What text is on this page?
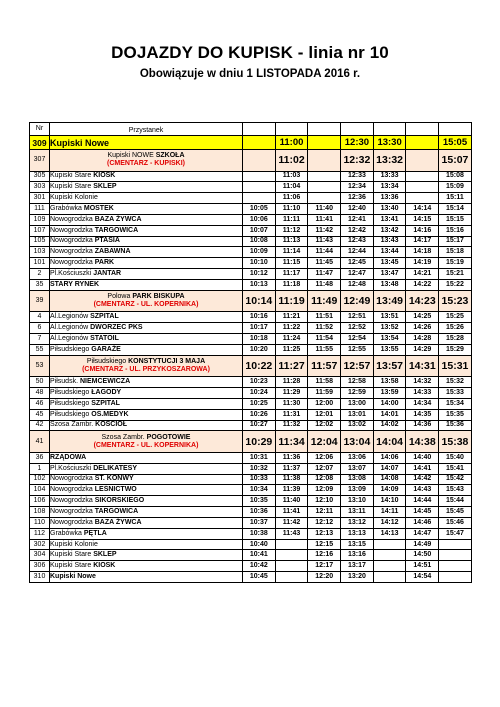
DOJAZDY DO KUPISK - linia nr 10
Obowiązuje w dniu 1 LISTOPADA 2016 r.
Nr	Przystanek							
309	Kupiski Nowe		11:00		12:30	13:30		15:05
307	Kupiski NOWE SZKOŁA
(CMENTARZ - KUPISKI)		11:02		12:32	13:32		15:07
305	Kupiski Stare KIOSK		11:03		12:33	13:33		15:08
303	Kupiski Stare SKLEP		11:04		12:34	13:34		15:09
301	Kupiski Kolonie		11:06		12:36	13:36		15:11
111	Grabówka MOSTEK	10:05	11:10	11:40	12:40	13:40	14:14	15:14
109	Nowogrodzka BAZA ŻYWCA	10:06	11:11	11:41	12:41	13:41	14:15	15:15
107	Nowogrodzka TARGOWICA	10:07	11:12	11:42	12:42	13:42	14:16	15:16
105	Nowogrodzka PTASIA	10:08	11:13	11:43	12:43	13:43	14:17	15:17
103	Nowogrodzka ZABAWNA	10:09	11:14	11:44	12:44	13:44	14:18	15:18
101	Nowogrodzka PARK	10:10	11:15	11:45	12:45	13:45	14:19	15:19
2	Pl.Kościuszki JANTAR	10:12	11:17	11:47	12:47	13:47	14:21	15:21
35	STARY RYNEK	10:13	11:18	11:48	12:48	13:48	14:22	15:22
39	Polowa PARK BISKUPA
(CMENTARZ - UL. KOPERNIKA)	10:14	11:19	11:49	12:49	13:49	14:23	15:23
4	Al.Legionów SZPITAL	10:16	11:21	11:51	12:51	13:51	14:25	15:25
6	Al.Legionów DWORZEC PKS	10:17	11:22	11:52	12:52	13:52	14:26	15:26
7	Al.Legionów STATOIL	10:18	11:24	11:54	12:54	13:54	14:28	15:28
55	Piłsudskiego GARAŻE	10:20	11:25	11:55	12:55	13:55	14:29	15:29
53	Piłsudskiego KONSTYTUCJI 3 MAJA
(CMENTARZ - UL. PRZYKOSZAROWA)	10:22	11:27	11:57	12:57	13:57	14:31	15:31
50	Piłsudsk. NIEMCEWICZA	10:23	11:28	11:58	12:58	13:58	14:32	15:32
48	Piłsudskiego ŁAGODY	10:24	11:29	11:59	12:59	13:59	14:33	15:33
46	Piłsudskiego SZPITAL	10:25	11:30	12:00	13:00	14:00	14:34	15:34
45	Piłsudskiego OŚ.MEDYK	10:26	11:31	12:01	13:01	14:01	14:35	15:35
42	Szosa Zambr. KOŚCIÓŁ	10:27	11:32	12:02	13:02	14:02	14:36	15:36
41	Szosa Zambr. POGOTOWIE
(CMENTARZ - UL. KOPERNIKA)	10:29	11:34	12:04	13:04	14:04	14:38	15:38
36	RZĄDOWA	10:31	11:36	12:06	13:06	14:06	14:40	15:40
1	Pl.Kościuszki DELIKATESY	10:32	11:37	12:07	13:07	14:07	14:41	15:41
102	Nowogrodzka ST. KONWY	10:33	11:38	12:08	13:08	14:08	14:42	15:42
104	Nowogrodzka LEŚNICTWO	10:34	11:39	12:09	13:09	14:09	14:43	15:43
106	Nowogrodzka SIKORSKIEGO	10:35	11:40	12:10	13:10	14:10	14:44	15:44
108	Nowogrodzka TARGOWICA	10:36	11:41	12:11	13:11	14:11	14:45	15:45
110	Nowogrodzka BAZA ŻYWCA	10:37	11:42	12:12	13:12	14:12	14:46	15:46
112	Grabówka PĘTLA	10:38	11:43	12:13	13:13	14:13	14:47	15:47
302	Kupiski Kolonie	10:40		12:15	13:15		14:49	
304	Kupiski Stare SKLEP	10:41		12:16	13:16		14:50	
306	Kupiski Stare KIOSK	10:42		12:17	13:17		14:51	
310	Kupiski Nowe	10:45		12:20	13:20		14:54	
